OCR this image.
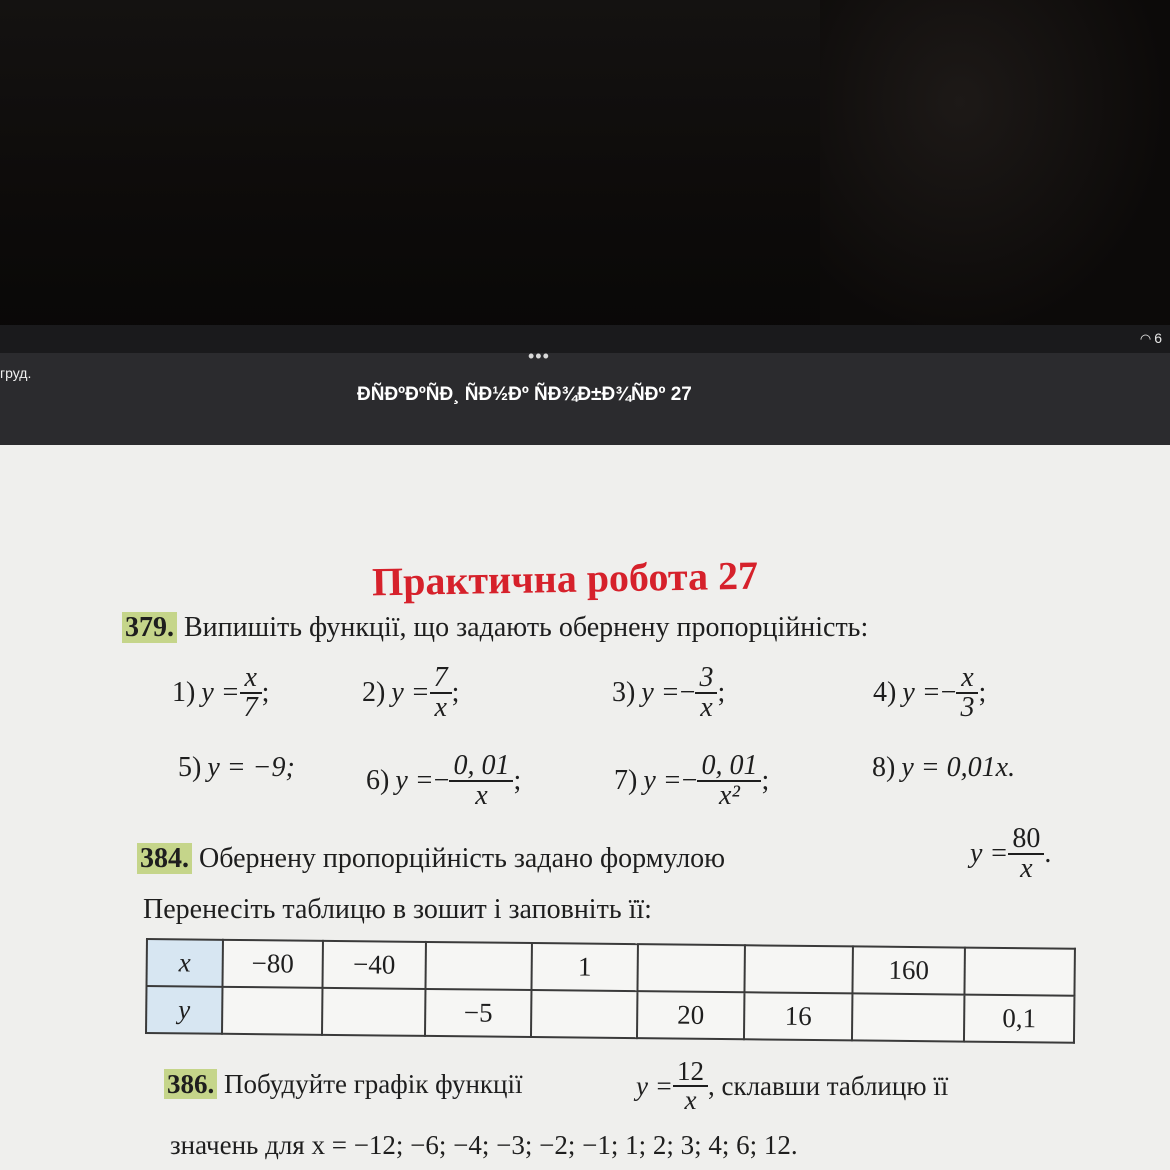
◠ 6
груд.
•••
ÐÑÐºÐºÑÐ¸ ÑÐ½Ðº ÑÐ¾Ð±Ð¾ÑÐº 27
Практична робота 27
379. Випишіть функції, що задають обернену пропорційність:
1) $y = \frac{x}{7}$ ;	2) $y = \frac{7}{x}$ ;	3) y = − $\frac{3}{x}$ ;	4) y = − $\frac{x}{3}$ ;
5) y = −9;	6) y = − $\frac{0, 01}{x}$ ;	7) y = − $\frac{0, 01}{\text{x²}}$ ;	8) y = 0,01x.
384. Обернену пропорційність задано формулою	$y = \frac{80}{x}$ .
Перенесіть таблицю в зошит і заповніть її:
x	−80	−40		1			160	
y			−5		20	16		0,1
386. Побудуйте графік функції	$y = \frac{12}{x}$ , склавши таблицю її
значень для x = −12; −6; −4; −3; −2; −1; 1; 2; 3; 4; 6; 12.
